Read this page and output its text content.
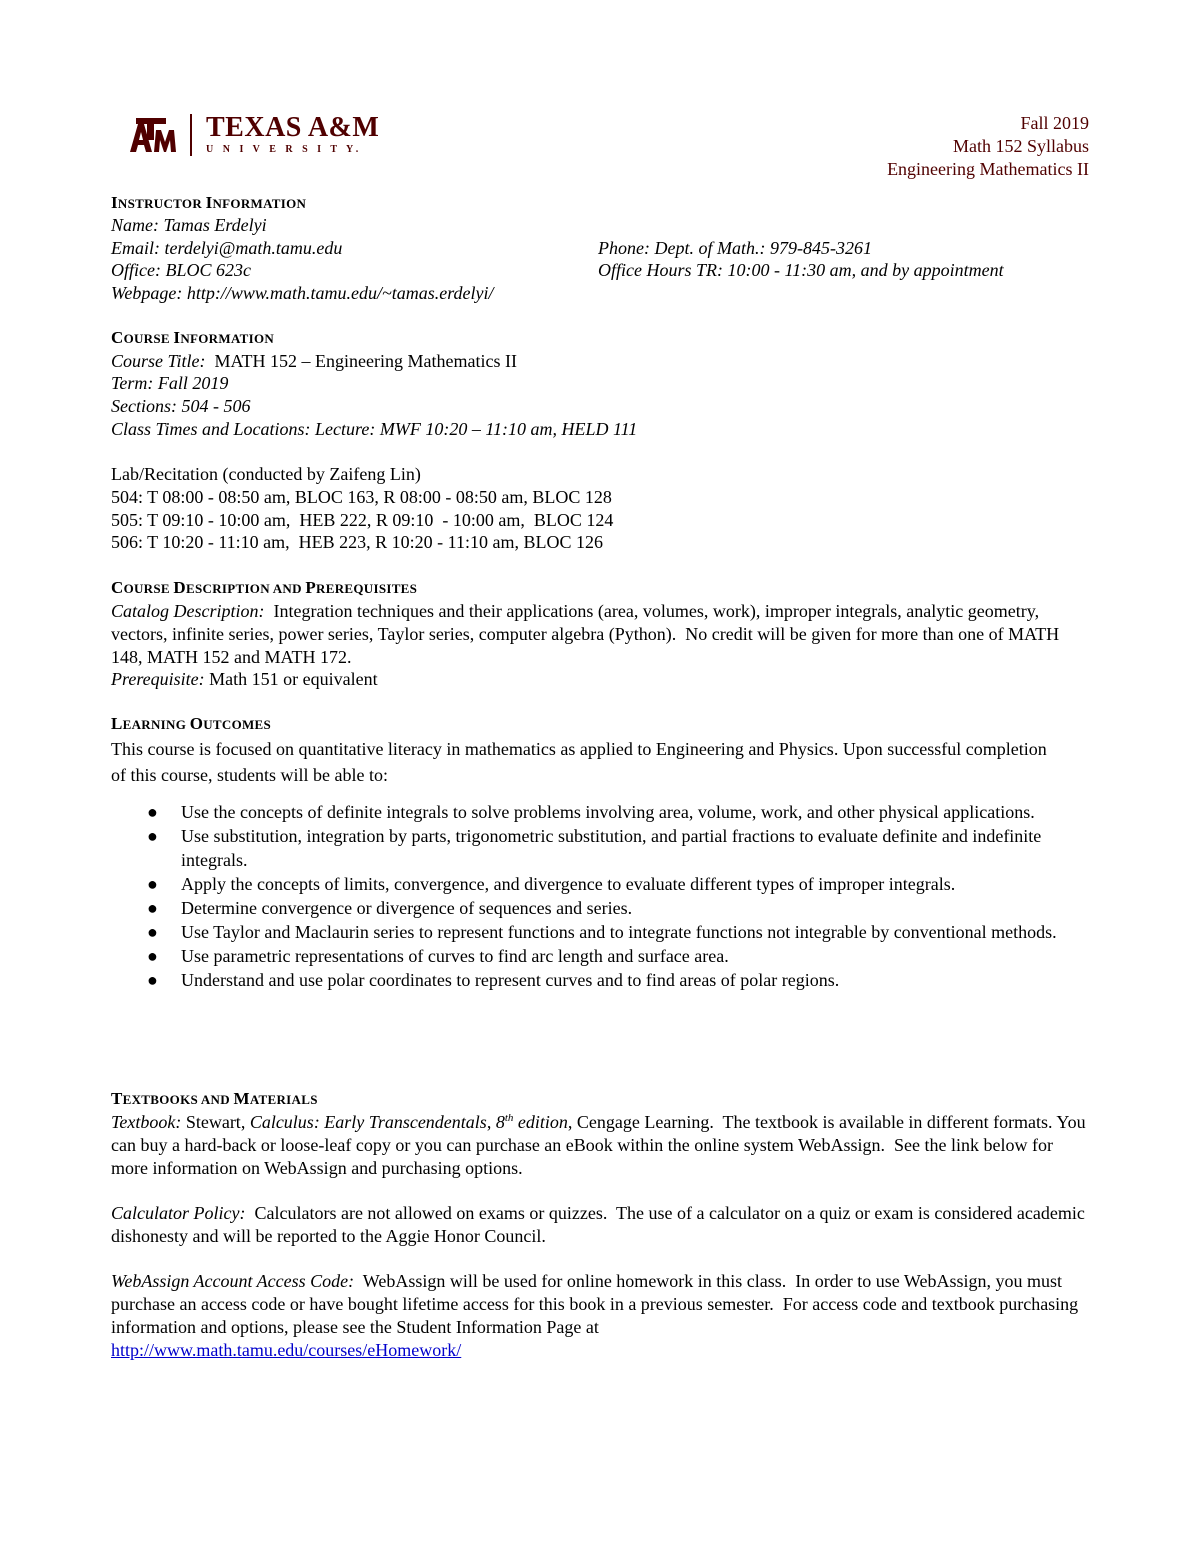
TEXAS A&M
U N I V E R S I T Y.
Fall 2019
Math 152 Syllabus
Engineering Mathematics II
INSTRUCTOR INFORMATION
Name: Tamas Erdelyi
Email: terdelyi@math.tamu.edu	Phone: Dept. of Math.: 979-845-3261
Office: BLOC 623c	Office Hours TR: 10:00 - 11:30 am, and by appointment
Webpage: http://www.math.tamu.edu/~tamas.erdelyi/
COURSE INFORMATION
Course Title:  MATH 152 – Engineering Mathematics II
Term: Fall 2019
Sections: 504 - 506
Class Times and Locations: Lecture: MWF 10:20 – 11:10 am, HELD 111
Lab/Recitation (conducted by Zaifeng Lin)
504: T 08:00 - 08:50 am, BLOC 163, R 08:00 - 08:50 am, BLOC 128
505: T 09:10 - 10:00 am,  HEB 222, R 09:10  - 10:00 am,  BLOC 124
506: T 10:20 - 11:10 am,  HEB 223, R 10:20 - 11:10 am, BLOC 126
COURSE DESCRIPTION AND PREREQUISITES
Catalog Description:  Integration techniques and their applications (area, volumes, work), improper integrals, analytic geometry, vectors, infinite series, power series, Taylor series, computer algebra (Python).  No credit will be given for more than one of MATH 148, MATH 152 and MATH 172.
Prerequisite: Math 151 or equivalent
LEARNING OUTCOMES
This course is focused on quantitative literacy in mathematics as applied to Engineering and Physics. Upon successful completion of this course, students will be able to:
● Use the concepts of definite integrals to solve problems involving area, volume, work, and other physical applications.
● Use substitution, integration by parts, trigonometric substitution, and partial fractions to evaluate definite and indefinite integrals.
● Apply the concepts of limits, convergence, and divergence to evaluate different types of improper integrals.
● Determine convergence or divergence of sequences and series.
● Use Taylor and Maclaurin series to represent functions and to integrate functions not integrable by conventional methods.
● Use parametric representations of curves to find arc length and surface area.
● Understand and use polar coordinates to represent curves and to find areas of polar regions.
TEXTBOOKS AND MATERIALS
Textbook: Stewart, Calculus: Early Transcendentals, 8th edition, Cengage Learning.  The textbook is available in different formats. You can buy a hard-back or loose-leaf copy or you can purchase an eBook within the online system WebAssign.  See the link below for more information on WebAssign and purchasing options.
Calculator Policy:  Calculators are not allowed on exams or quizzes.  The use of a calculator on a quiz or exam is considered academic dishonesty and will be reported to the Aggie Honor Council.
WebAssign Account Access Code:  WebAssign will be used for online homework in this class.  In order to use WebAssign, you must purchase an access code or have bought lifetime access for this book in a previous semester.  For access code and textbook purchasing information and options, please see the Student Information Page at
http://www.math.tamu.edu/courses/eHomework/
